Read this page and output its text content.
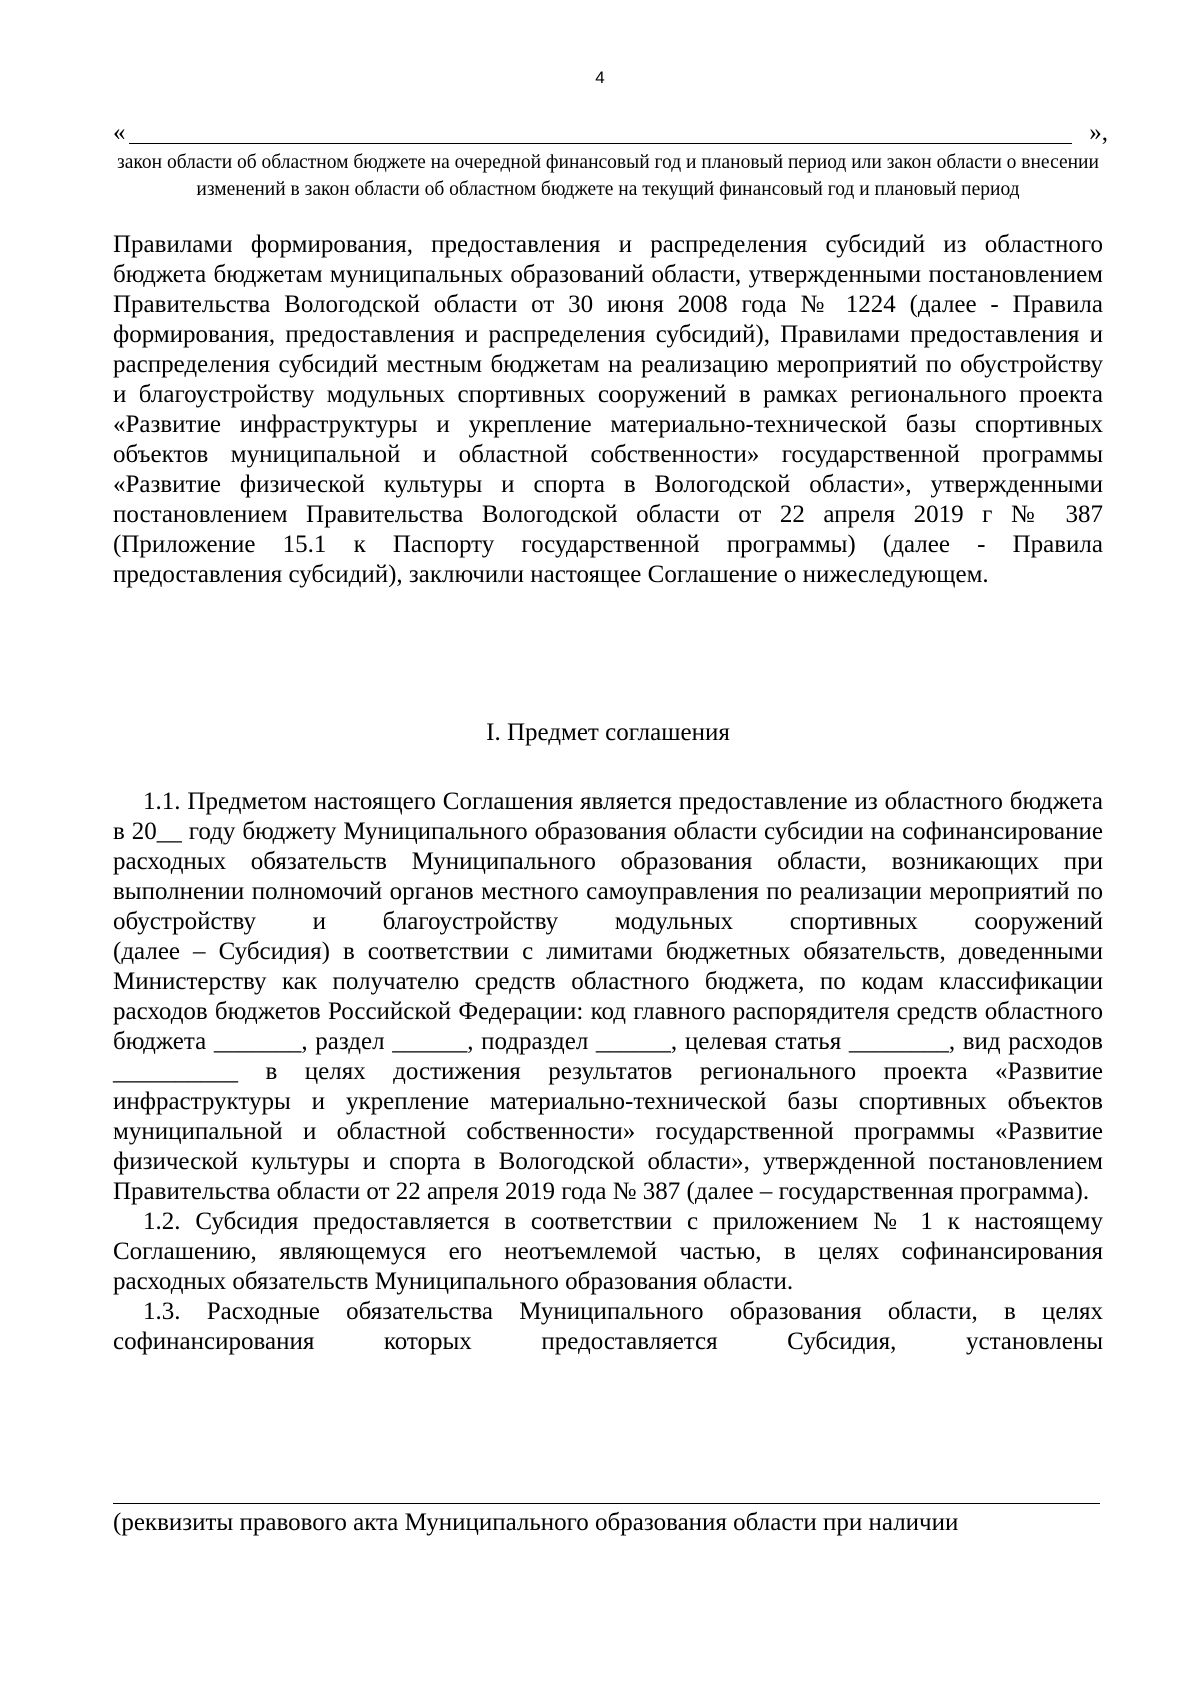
4
«	»,
закон области об областном бюджете на очередной финансовый год и плановый период или закон области о внесении изменений в закон области об областном бюджете на текущий финансовый год и плановый период

Правилами формирования, предоставления и распределения субсидий из областного бюджета бюджетам муниципальных образований области, утвержденными постановлением Правительства Вологодской области от 30 июня 2008 года № 1224 (далее - Правила формирования, предоставления и распределения субсидий), Правилами предоставления и распределения субсидий местным бюджетам на реализацию мероприятий по обустройству и благоустройству модульных спортивных сооружений в рамках регионального проекта «Развитие инфраструктуры и укрепление материально-технической базы спортивных объектов муниципальной и областной собственности» государственной программы «Развитие физической культуры и спорта в Вологодской области», утвержденными постановлением Правительства Вологодской области от 22 апреля 2019 г № 387 (Приложение 15.1 к Паспорту государственной программы) (далее - Правила предоставления субсидий), заключили настоящее Соглашение о нижеследующем.

I. Предмет соглашения

1.1. Предметом настоящего Соглашения является предоставление из областного бюджета в 20__ году бюджету Муниципального образования области субсидии на софинансирование расходных обязательств Муниципального образования области, возникающих при выполнении полномочий органов местного самоуправления по реализации мероприятий по обустройству и благоустройству модульных спортивных сооружений

(далее – Субсидия) в соответствии с лимитами бюджетных обязательств, доведенными Министерству как получателю средств областного бюджета, по кодам классификации расходов бюджетов Российской Федерации: код главного распорядителя средств областного бюджета _______, раздел ______, подраздел ______, целевая статья ________, вид расходов __________ в целях достижения результатов регионального проекта «Развитие инфраструктуры и укрепление материально-технической базы спортивных объектов муниципальной и областной собственности» государственной программы «Развитие физической культуры и спорта в Вологодской области», утвержденной постановлением Правительства области от 22 апреля 2019 года № 387 (далее – государственная программа).

1.2. Субсидия предоставляется в соответствии с приложением № 1 к настоящему Соглашению, являющемуся его неотъемлемой частью, в целях софинансирования расходных обязательств Муниципального образования области.

1.3. Расходные обязательства Муниципального образования области, в целях софинансирования которых предоставляется Субсидия, установлены

(реквизиты правового акта Муниципального образования области при наличии
